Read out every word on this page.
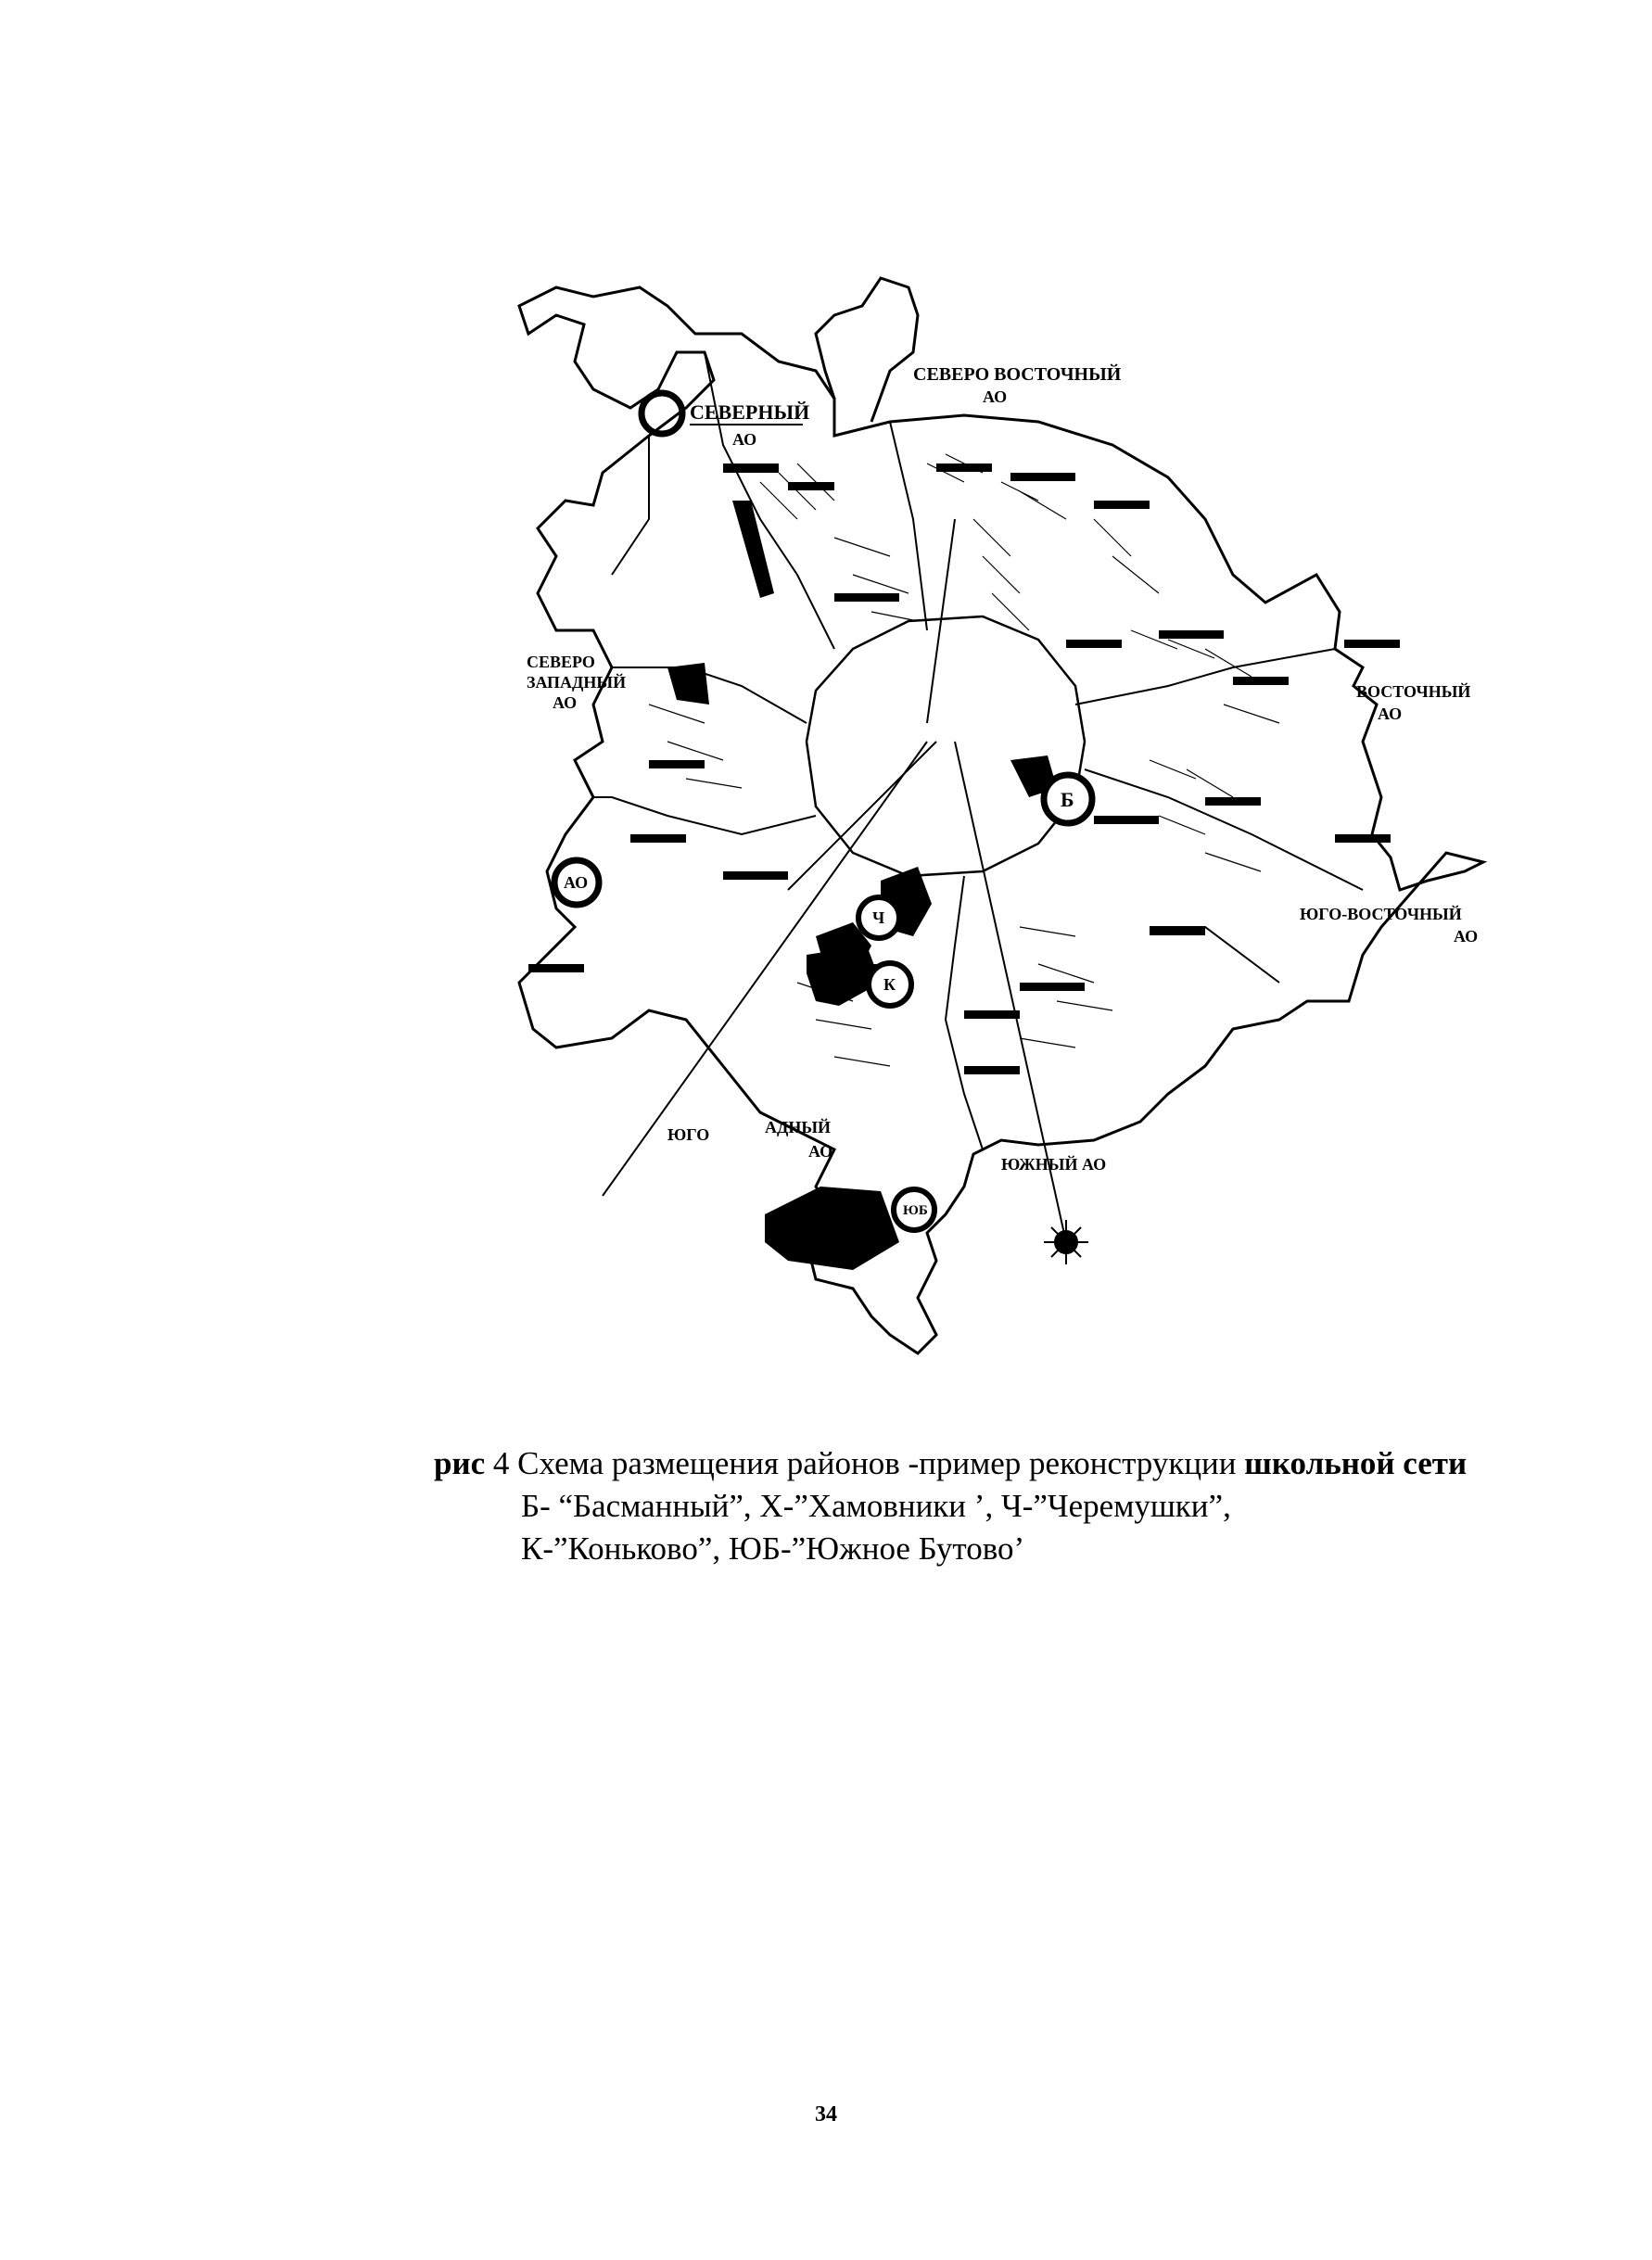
СЕВЕРО ВОСТОЧНЫЙ
АО
СЕВЕРНЫЙ
АО
ВОСТОЧНЫЙ
АО
СЕВЕРО
ЗАПАДНЫЙ
АО
АО
ЮГО-ВОСТОЧНЫЙ
АО
ЮГО	АДНЫЙ
АО
ЮЖНЫЙ АО
Б
Ч
К
ЮБ
рис 4 Схема размещения районов -пример реконструкции школьной сети
Б- “Басманный”, Х-”Хамовники ’, Ч-”Черемушки”,
К-”Коньково”, ЮБ-”Южное Бутово’
34
